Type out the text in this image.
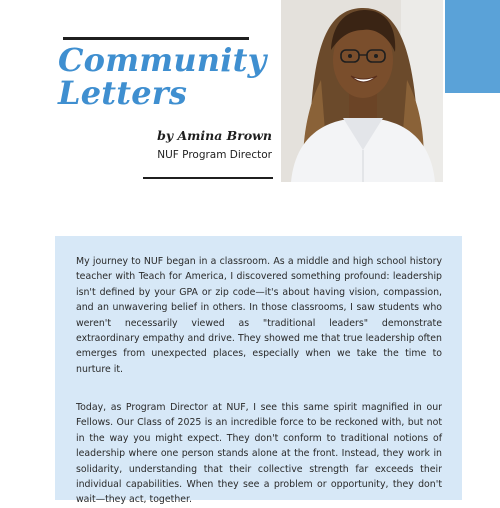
Community
Letters

by Amina Brown

NUF Program Director

My journey to NUF began in a classroom. As a middle and high school history teacher with Teach for America, I discovered something profound: leadership isn't defined by your GPA or zip code—it's about having vision, compassion, and an unwavering belief in others. In those classrooms, I saw students who weren't necessarily viewed as "traditional leaders" demonstrate extraordinary empathy and drive. They showed me that true leadership often emerges from unexpected places, especially when we take the time to nurture it.

Today, as Program Director at NUF, I see this same spirit magnified in our Fellows. Our Class of 2025 is an incredible force to be reckoned with, but not in the way you might expect. They don't conform to traditional notions of leadership where one person stands alone at the front. Instead, they work in solidarity, understanding that their collective strength far exceeds their individual capabilities. When they see a problem or opportunity, they don't wait—they act, together.
